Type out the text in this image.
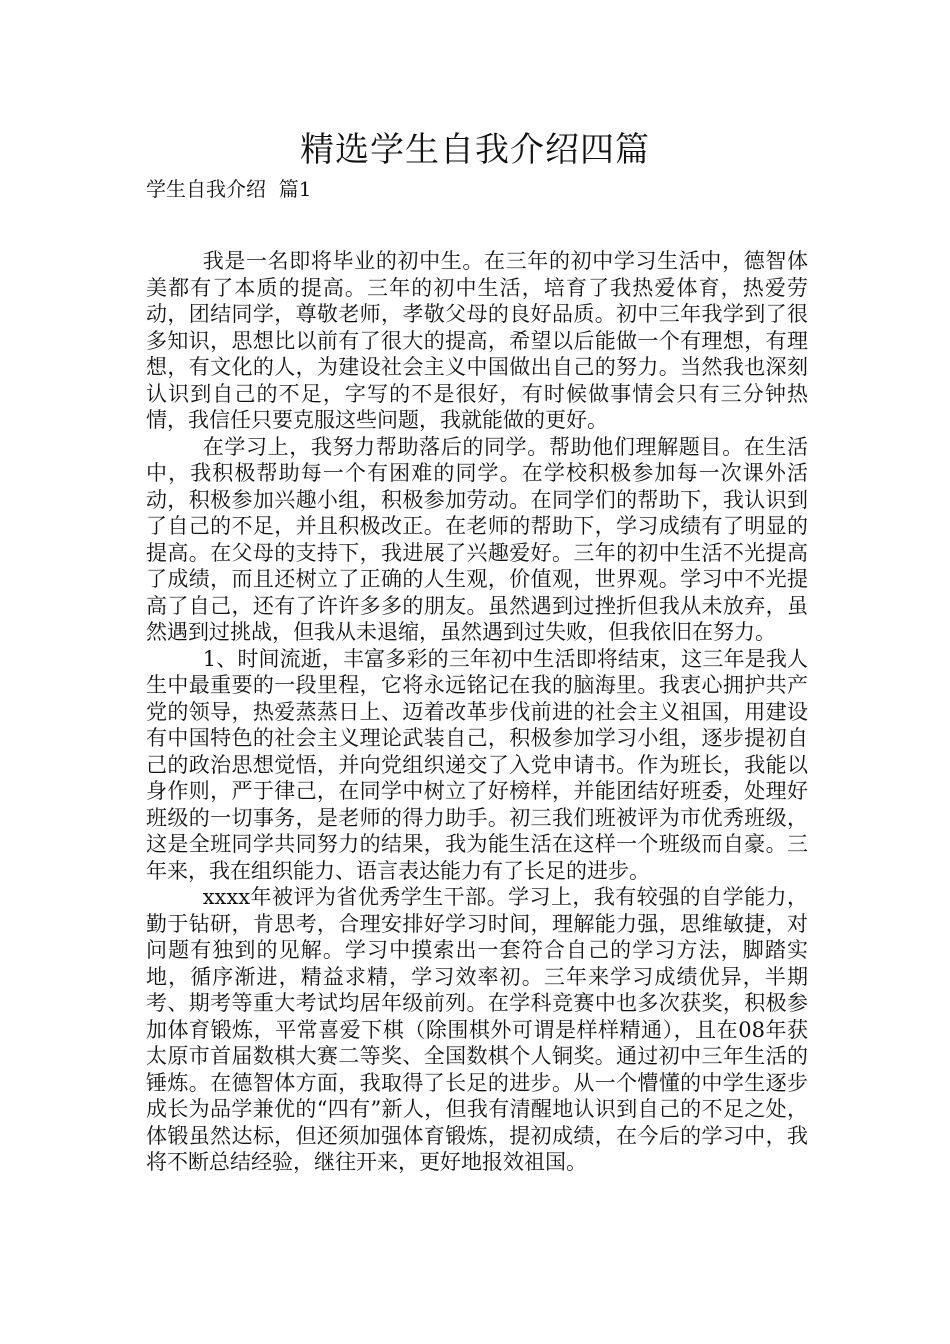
精选学生自我介绍四篇
学生自我介绍  篇1

我是一名即将毕业的初中生。在三年的初中学习生活中，德智体美都有了本质的提高。三年的初中生活，培育了我热爱体育，热爱劳动，团结同学，尊敬老师，孝敬父母的良好品质。初中三年我学到了很多知识，思想比以前有了很大的提高，希望以后能做一个有理想，有理想，有文化的人，为建设社会主义中国做出自己的努力。当然我也深刻认识到自己的不足，字写的不是很好，有时候做事情会只有三分钟热情，我信任只要克服这些问题，我就能做的更好。

在学习上，我努力帮助落后的同学。帮助他们理解题目。在生活中，我积极帮助每一个有困难的同学。在学校积极参加每一次课外活动，积极参加兴趣小组，积极参加劳动。在同学们的帮助下，我认识到了自己的不足，并且积极改正。在老师的帮助下，学习成绩有了明显的提高。在父母的支持下，我进展了兴趣爱好。三年的初中生活不光提高了成绩，而且还树立了正确的人生观，价值观，世界观。学习中不光提高了自己，还有了许许多多的朋友。虽然遇到过挫折但我从未放弃，虽然遇到过挑战，但我从未退缩，虽然遇到过失败，但我依旧在努力。

1、时间流逝，丰富多彩的三年初中生活即将结束，这三年是我人生中最重要的一段里程，它将永远铭记在我的脑海里。我衷心拥护共产党的领导，热爱蒸蒸日上、迈着改革步伐前进的社会主义祖国，用建设有中国特色的社会主义理论武装自己，积极参加学习小组，逐步提初自己的政治思想觉悟，并向党组织递交了入党申请书。作为班长，我能以身作则，严于律己，在同学中树立了好榜样，并能团结好班委，处理好班级的一切事务，是老师的得力助手。初三我们班被评为市优秀班级，这是全班同学共同努力的结果，我为能生活在这样一个班级而自豪。三年来，我在组织能力、语言表达能力有了长足的进步。

xxxx年被评为省优秀学生干部。学习上，我有较强的自学能力，勤于钻研，肯思考，合理安排好学习时间，理解能力强，思维敏捷，对问题有独到的见解。学习中摸索出一套符合自己的学习方法，脚踏实地，循序渐进，精益求精，学习效率初。三年来学习成绩优异，半期考、期考等重大考试均居年级前列。在学科竞赛中也多次获奖，积极参加体育锻炼，平常喜爱下棋（除围棋外可谓是样样精通），且在08年获太原市首届数棋大赛二等奖、全国数棋个人铜奖。通过初中三年生活的锤炼。在德智体方面，我取得了长足的进步。从一个懵懂的中学生逐步成长为品学兼优的“四有”新人，但我有清醒地认识到自己的不足之处，体锻虽然达标，但还须加强体育锻炼，提初成绩，在今后的学习中，我将不断总结经验，继往开来，更好地报效祖国。
